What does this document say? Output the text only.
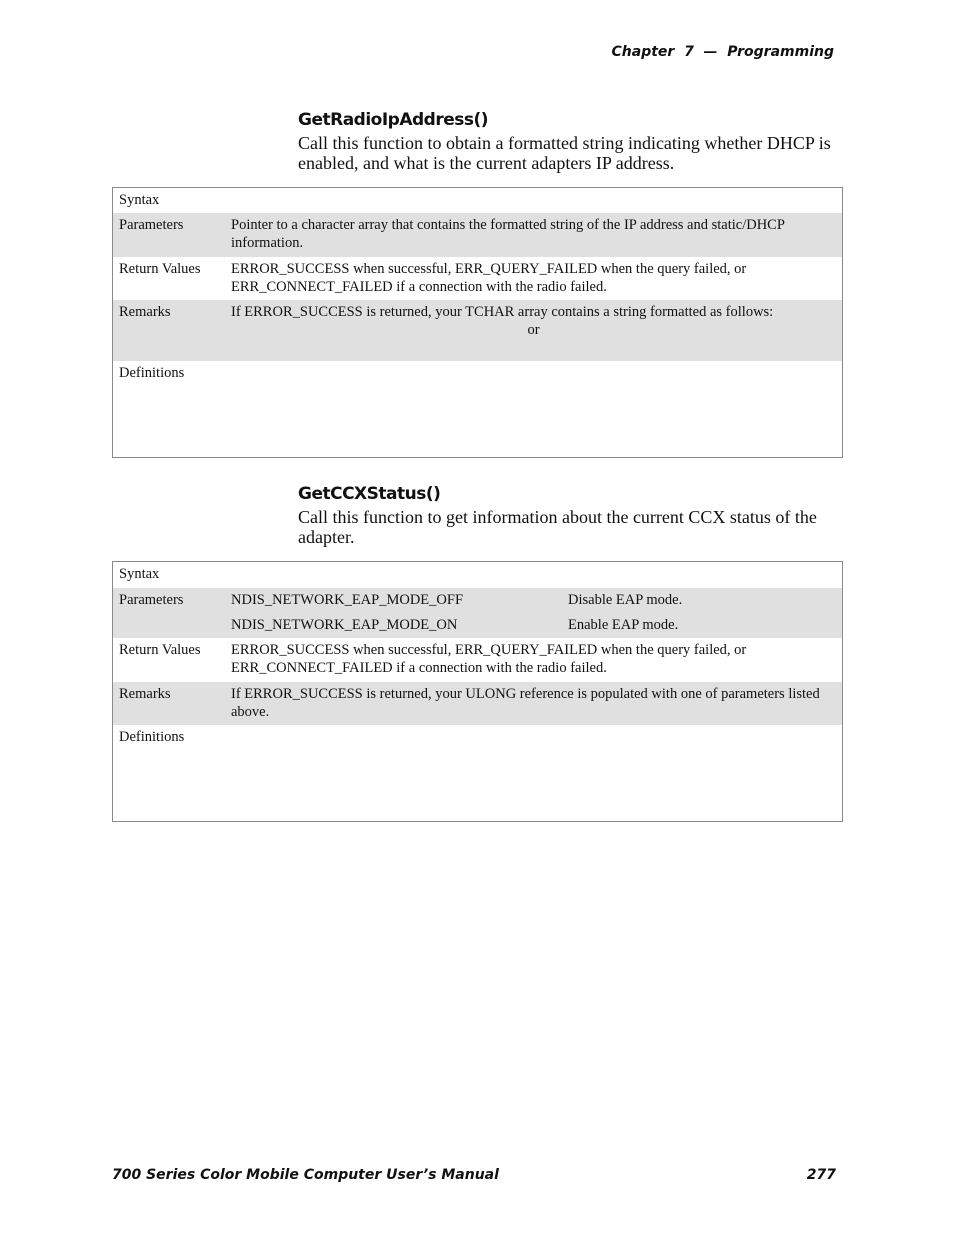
Chapter  7  —  Programming
GetRadioIpAddress()
Call this function to obtain a formatted string indicating whether DHCP is enabled, and what is the current adapters IP address.
Syntax	
Parameters	Pointer to a character array that contains the formatted string of the IP address and static/DHCP information.
Return Values	ERROR_SUCCESS when successful, ERR_QUERY_FAILED when the query failed, or ERR_CONNECT_FAILED if a connection with the radio failed.
Remarks	If ERROR_SUCCESS is returned, your TCHAR array contains a string formatted as follows:
or

Definitions	
GetCCXStatus()
Call this function to get information about the current CCX status of the adapter.
Syntax	
Parameters	NDIS_NETWORK_EAP_MODE_OFF Disable EAP mode.
NDIS_NETWORK_EAP_MODE_ON Enable EAP mode.

Return Values	ERROR_SUCCESS when successful, ERR_QUERY_FAILED when the query failed, or ERR_CONNECT_FAILED if a connection with the radio failed.
Remarks	If ERROR_SUCCESS is returned, your ULONG reference is populated with one of parameters listed above.
Definitions	
700 Series Color Mobile Computer User’s Manual	277
